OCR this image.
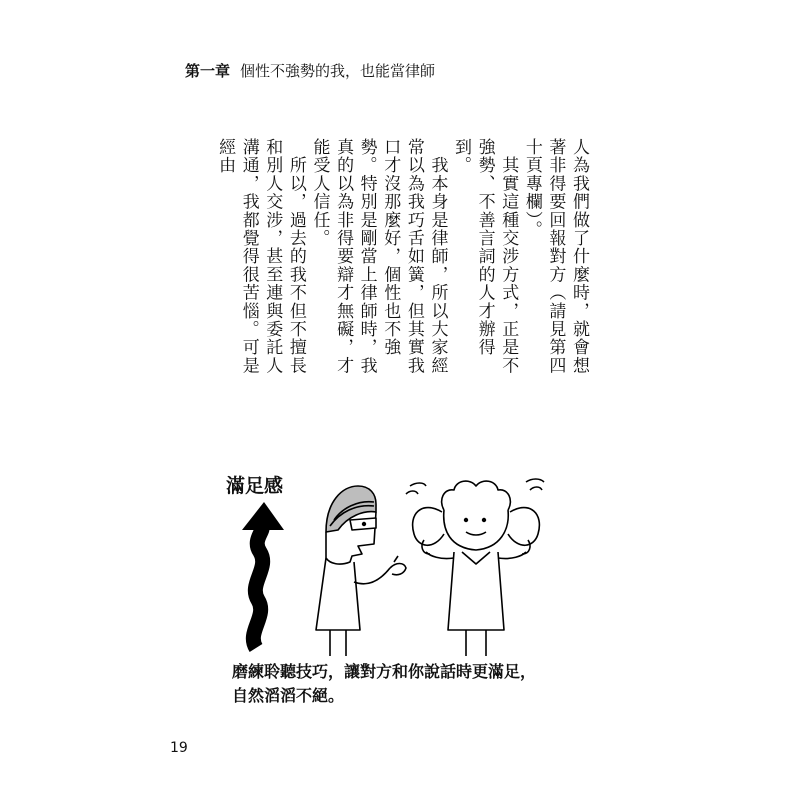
第一章 個性不強勢的我，也能當律師

人為我們做了什麼時，就會想著非得要回報對方（請見第四十頁專欄）。

　其實這種交涉方式，正是不強勢、不善言詞的人才辦得到。

　我本身是律師，所以大家經常以為我巧舌如簧，但其實我口才沒那麼好，個性也不強勢。特別是剛當上律師時，我真的以為非得要辯才無礙，才能受人信任。

　所以，過去的我不但不擅長和別人交涉，甚至連與委託人溝通，我都覺得很苦惱。可是經由

滿足感
磨練聆聽技巧，讓對方和你說話時更滿足，
自然滔滔不絕。
19
